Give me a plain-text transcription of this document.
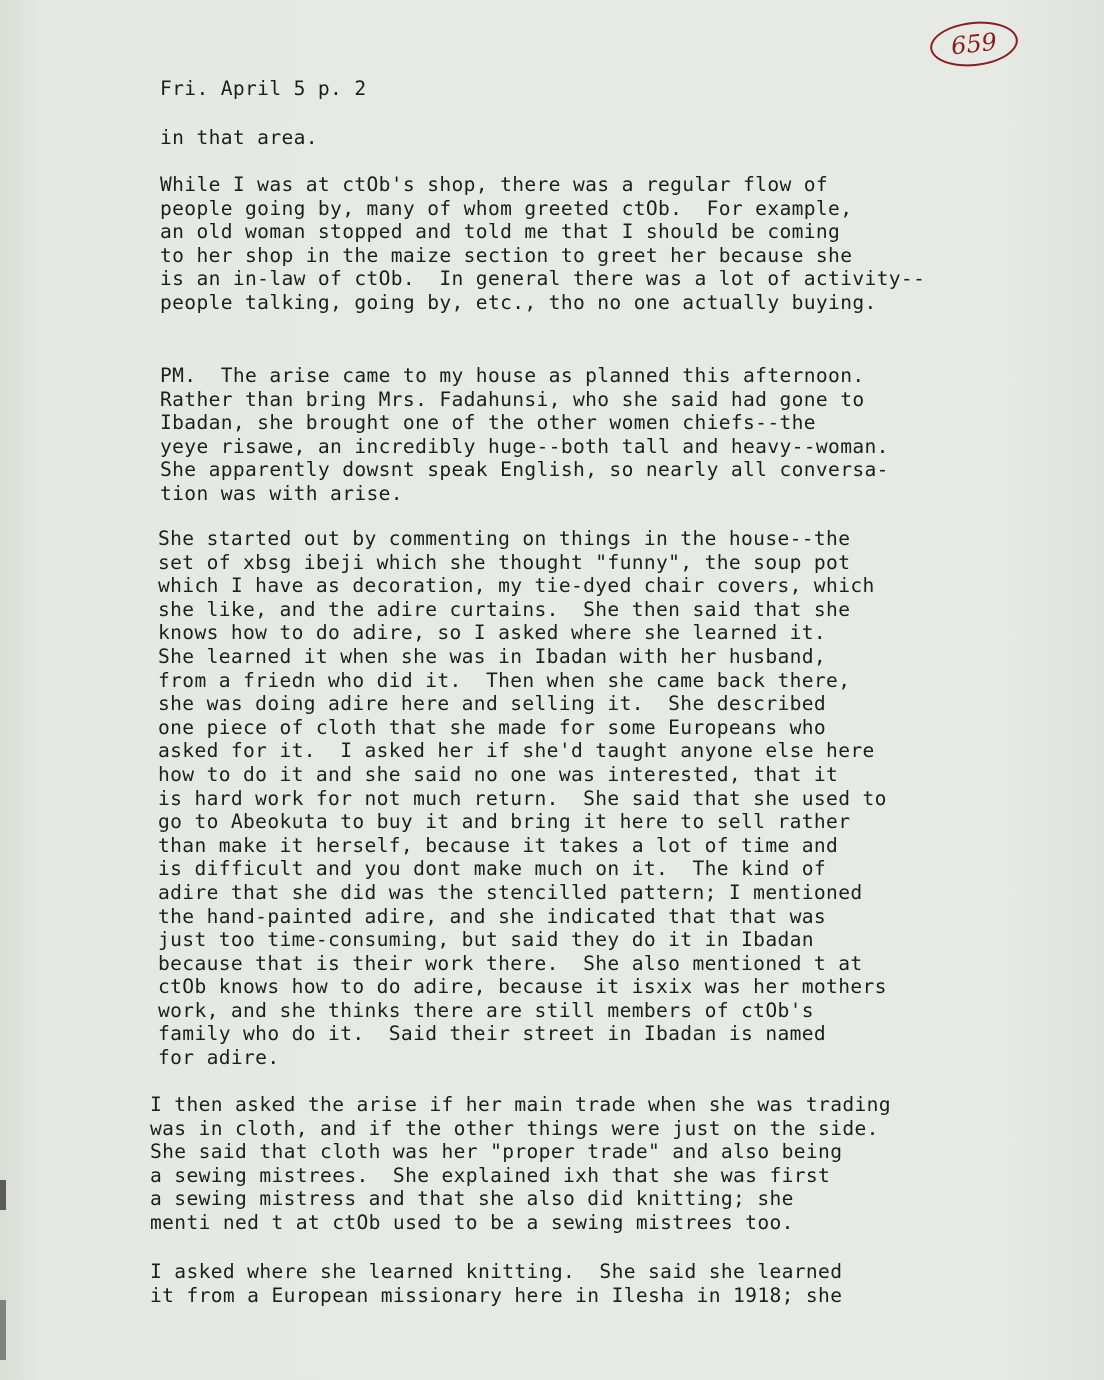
659
Fri. April 5 p. 2
in that area.
While I was at ctOb's shop, there was a regular flow of
people going by, many of whom greeted ctOb.  For example,
an old woman stopped and told me that I should be coming
to her shop in the maize section to greet her because she
is an in-law of ctOb.  In general there was a lot of activity--
people talking, going by, etc., tho no one actually buying.
PM.  The arise came to my house as planned this afternoon.
Rather than bring Mrs. Fadahunsi, who she said had gone to
Ibadan, she brought one of the other women chiefs--the
yeye risawe, an incredibly huge--both tall and heavy--woman.
She apparently dowsnt speak English, so nearly all conversa-
tion was with arise.
She started out by commenting on things in the house--the
set of xbsg ibeji which she thought "funny", the soup pot
which I have as decoration, my tie-dyed chair covers, which
she like, and the adire curtains.  She then said that she
knows how to do adire, so I asked where she learned it.
She learned it when she was in Ibadan with her husband,
from a friedn who did it.  Then when she came back there,
she was doing adire here and selling it.  She described
one piece of cloth that she made for some Europeans who
asked for it.  I asked her if she'd taught anyone else here
how to do it and she said no one was interested, that it
is hard work for not much return.  She said that she used to
go to Abeokuta to buy it and bring it here to sell rather
than make it herself, because it takes a lot of time and
is difficult and you dont make much on it.  The kind of
adire that she did was the stencilled pattern; I mentioned
the hand-painted adire, and she indicated that that was
just too time-consuming, but said they do it in Ibadan
because that is their work there.  She also mentioned t at
ctOb knows how to do adire, because it isxix was her mothers
work, and she thinks there are still members of ctOb's
family who do it.  Said their street in Ibadan is named
for adire.
I then asked the arise if her main trade when she was trading
was in cloth, and if the other things were just on the side.
She said that cloth was her "proper trade" and also being
a sewing mistrees.  She explained ixh that she was first
a sewing mistress and that she also did knitting; she
menti ned t at ctOb used to be a sewing mistrees too.
I asked where she learned knitting.  She said she learned
it from a European missionary here in Ilesha in 1918; she
